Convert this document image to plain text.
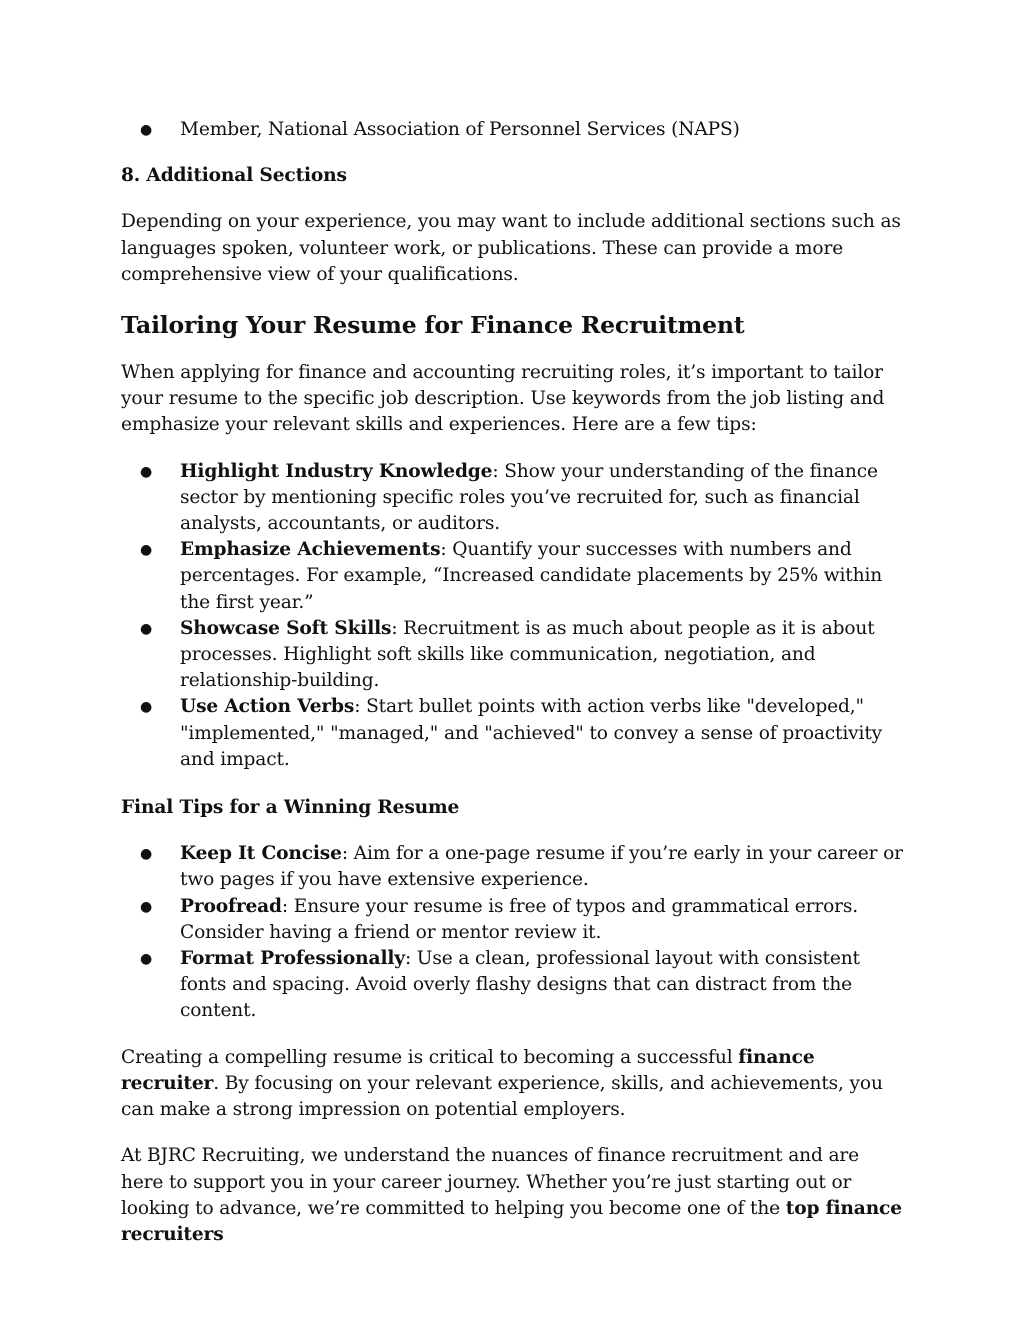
● Member, National Association of Personnel Services (NAPS)

8. Additional Sections

Depending on your experience, you may want to include additional sections such as languages spoken, volunteer work, or publications. These can provide a more comprehensive view of your qualifications.

Tailoring Your Resume for Finance Recruitment

When applying for finance and accounting recruiting roles, it’s important to tailor your resume to the specific job description. Use keywords from the job listing and emphasize your relevant skills and experiences. Here are a few tips:

● Highlight Industry Knowledge: Show your understanding of the finance sector by mentioning specific roles you’ve recruited for, such as financial analysts, accountants, or auditors.
● Emphasize Achievements: Quantify your successes with numbers and percentages. For example, “Increased candidate placements by 25% within the first year.”
● Showcase Soft Skills: Recruitment is as much about people as it is about processes. Highlight soft skills like communication, negotiation, and relationship-building.
● Use Action Verbs: Start bullet points with action verbs like "developed," "implemented," "managed," and "achieved" to convey a sense of proactivity and impact.

Final Tips for a Winning Resume

● Keep It Concise: Aim for a one-page resume if you’re early in your career or two pages if you have extensive experience.
● Proofread: Ensure your resume is free of typos and grammatical errors. Consider having a friend or mentor review it.
● Format Professionally: Use a clean, professional layout with consistent fonts and spacing. Avoid overly flashy designs that can distract from the content.

Creating a compelling resume is critical to becoming a successful finance recruiter. By focusing on your relevant experience, skills, and achievements, you can make a strong impression on potential employers.

At BJRC Recruiting, we understand the nuances of finance recruitment and are here to support you in your career journey. Whether you’re just starting out or looking to advance, we’re committed to helping you become one of the top finance recruiters
